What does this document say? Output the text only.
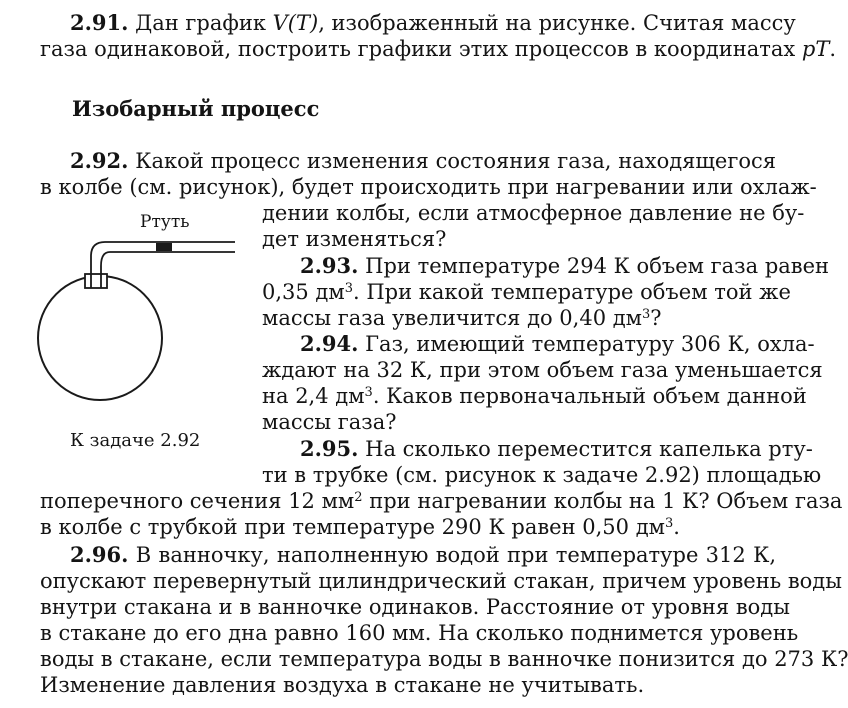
2.91. Дан график V(T), изображенный на рисунке. Считая массу
газа одинаковой, построить графики этих процессов в координатах pT.
Изобарный процесс
2.92. Какой процесс изменения состояния газа, находящегося
в колбе (см. рисунок), будет происходить при нагревании или охлаж-
дении колбы, если атмосферное давление не бу-
дет изменяться?
2.93. При температуре 294 К объем газа равен
0,35 $дм^3$. При какой температуре объем той же
массы газа увеличится до 0,40 $дм^3$?
2.94. Газ, имеющий температуру 306 К, охла-
ждают на 32 К, при этом объем газа уменьшается
на 2,4 $дм^3$. Каков первоначальный объем данной
массы газа?
2.95. На сколько переместится капелька рту-
ти в трубке (см. рисунок к задаче 2.92) площадью
поперечного сечения 12 $мм^2$ при нагревании колбы на 1 К? Объем газа
в колбе с трубкой при температуре 290 К равен 0,50 $дм^3$.
2.96. В ванночку, наполненную водой при температуре 312 К,
опускают перевернутый цилиндрический стакан, причем уровень воды
внутри стакана и в ванночке одинаков. Расстояние от уровня воды
в стакане до его дна равно 160 мм. На сколько поднимется уровень
воды в стакане, если температура воды в ванночке понизится до 273 К?
Изменение давления воздуха в стакане не учитывать.
Ртуть
К задаче 2.92
